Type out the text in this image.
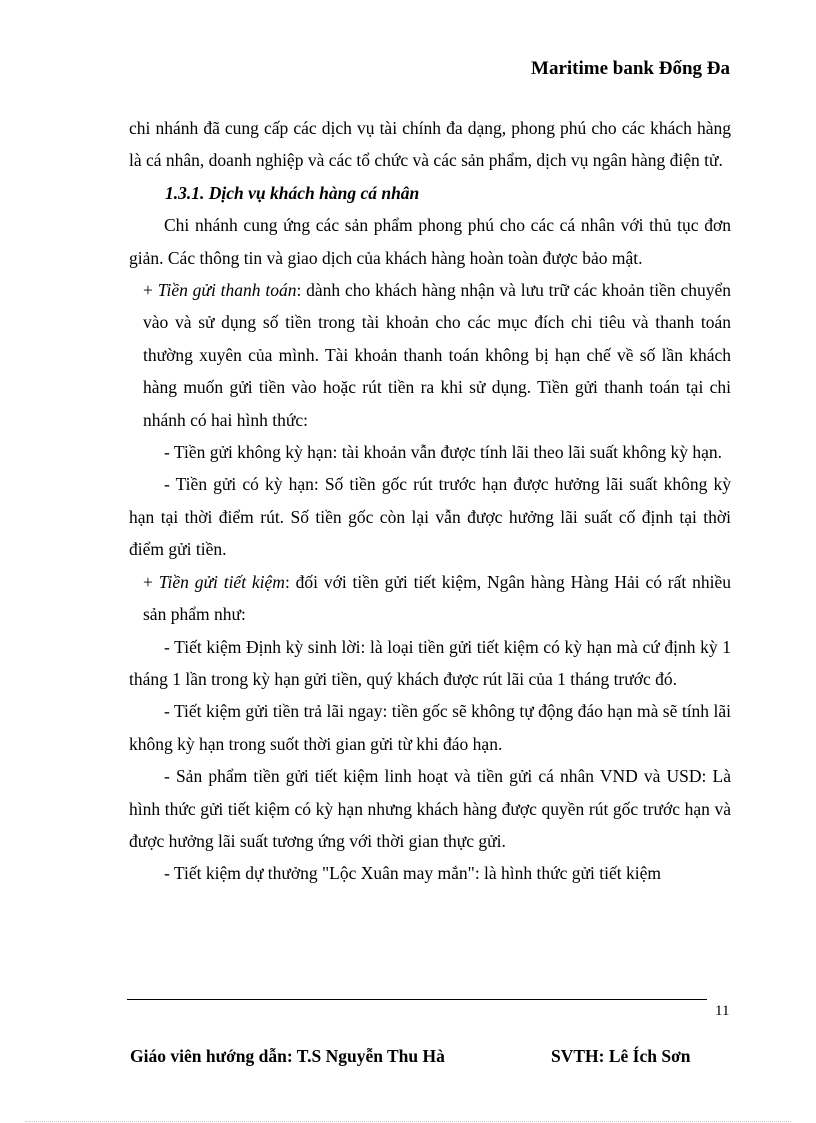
Maritime bank Đống Đa

chi nhánh đã cung cấp các dịch vụ tài chính đa dạng, phong phú cho các khách hàng là cá nhân, doanh nghiệp và các tổ chức và các sản phẩm, dịch vụ ngân hàng điện tử.

1.3.1. Dịch vụ khách hàng cá nhân

Chi nhánh cung ứng các sản phẩm phong phú cho các cá nhân với thủ tục đơn giản. Các thông tin và giao dịch của khách hàng hoàn toàn được bảo mật.

+ Tiền gửi thanh toán: dành cho khách hàng nhận và lưu trữ các khoản tiền chuyển vào và sử dụng số tiền trong tài khoản cho các mục đích chi tiêu và thanh toán thường xuyên của mình. Tài khoản thanh toán không bị hạn chế về số lần khách hàng muốn gửi tiền vào hoặc rút tiền ra khi sử dụng. Tiền gửi thanh toán tại chi nhánh có hai hình thức:

- Tiền gửi không kỳ hạn: tài khoản vẫn được tính lãi theo lãi suất không kỳ hạn.

- Tiền gửi có kỳ hạn: Số tiền gốc rút trước hạn được hưởng lãi suất không kỳ hạn tại thời điểm rút. Số tiền gốc còn lại vẫn được hưởng lãi suất cố định tại thời điểm gửi tiền.

+ Tiền gửi tiết kiệm: đối với tiền gửi tiết kiệm, Ngân hàng Hàng Hải có rất nhiều sản phẩm như:

- Tiết kiệm Định kỳ sinh lời: là loại tiền gửi tiết kiệm có kỳ hạn mà cứ định kỳ 1 tháng 1 lần trong kỳ hạn gửi tiền, quý khách được rút lãi của 1 tháng trước đó.

- Tiết kiệm gửi tiền trả lãi ngay: tiền gốc sẽ không tự động đáo hạn mà sẽ tính lãi không kỳ hạn trong suốt thời gian gửi từ khi đáo hạn.

- Sản phẩm tiền gửi tiết kiệm linh hoạt và tiền gửi cá nhân VND và USD: Là hình thức gửi tiết kiệm có kỳ hạn nhưng khách hàng được quyền rút gốc trước hạn và được hưởng lãi suất tương ứng với thời gian thực gửi.

- Tiết kiệm dự thưởng "Lộc Xuân may mắn": là hình thức gửi tiết kiệm

11
Giáo viên hướng dẫn: T.S Nguyễn Thu Hà	SVTH: Lê Ích Sơn
